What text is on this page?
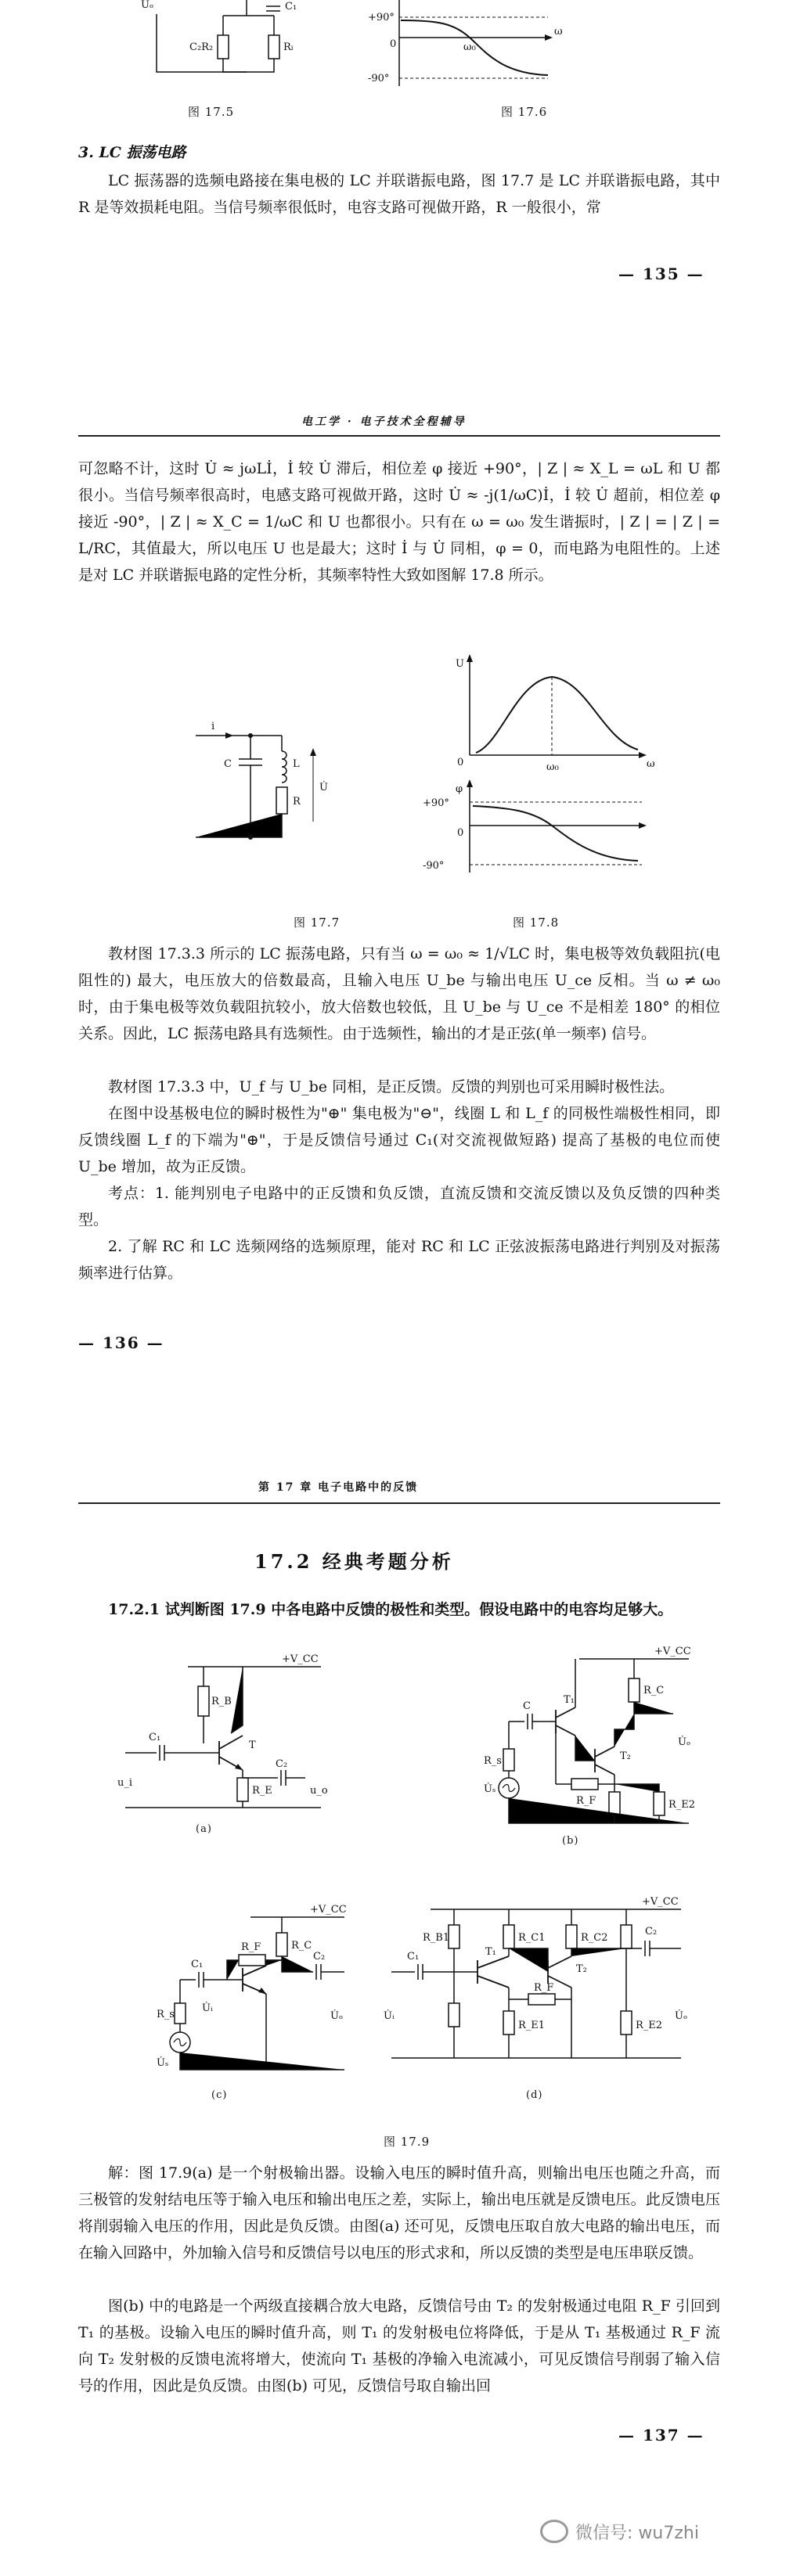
U̇ₒ	C₁
C₂R₂	Rₗ
+90°
ω₀
ω
-90°
0
图 17.5	图 17.6
3. LC 振荡电路
LC 振荡器的选频电路接在集电极的 LC 并联谐振电路，图 17.7 是 LC 并联谐振电路，其中 R 是等效损耗电阻。当信号频率很低时，电容支路可视做开路，R 一般很小，常
— 135 —
电工学 · 电子技术全程辅导
可忽略不计，这时 U̇ ≈ jωLİ，İ 较 U̇ 滞后，相位差 φ 接近 +90°，| Z | ≈ X_L = ωL 和 U 都很小。当信号频率很高时，电感支路可视做开路，这时 U̇ ≈ -j(1/ωC)İ，İ 较 U̇ 超前，相位差 φ 接近 -90°，| Z | ≈ X_C = 1/ωC 和 U 也都很小。只有在 ω = ω₀ 发生谐振时，| Z | = | Z | = L/RC，其值最大，所以电压 U 也是最大；这时 İ 与 U̇ 同相，φ = 0，而电路为电阻性的。上述是对 LC 并联谐振电路的定性分析，其频率特性大致如图解 17.8 所示。
i
C	L
R
U̇
U
0	ω₀	ω
φ
+90°
-90°
0
图 17.7	图 17.8
教材图 17.3.3 所示的 LC 振荡电路，只有当 ω = ω₀ ≈ 1/√LC 时，集电极等效负载阻抗(电阻性的) 最大，电压放大的倍数最高，且输入电压 U_be 与输出电压 U_ce 反相。当 ω ≠ ω₀ 时，由于集电极等效负载阻抗较小，放大倍数也较低，且 U_be 与 U_ce 不是相差 180° 的相位关系。因此，LC 振荡电路具有选频性。由于选频性，输出的才是正弦(单一频率) 信号。
教材图 17.3.3 中，U_f 与 U_be 同相，是正反馈。反馈的判别也可采用瞬时极性法。
在图中设基极电位的瞬时极性为"⊕" 集电极为"⊖"，线圈 L 和 L_f 的同极性端极性相同，即反馈线圈 L_f 的下端为"⊕"，于是反馈信号通过 C₁(对交流视做短路) 提高了基极的电位而使 U_be 增加，故为正反馈。
考点：1. 能判别电子电路中的正反馈和负反馈，直流反馈和交流反馈以及负反馈的四种类型。
2. 了解 RC 和 LC 选频网络的选频原理，能对 RC 和 LC 正弦波振荡电路进行判别及对振荡频率进行估算。
— 136 —
第 17 章 电子电路中的反馈
17.2 经典考题分析
17.2.1 试判断图 17.9 中各电路中反馈的极性和类型。假设电路中的电容均足够大。
+V_CC
R_B
C₁
T
C₂
u_i
R_E	u_o
(a)
+V_CC
R_C
C
T₁
T₂
R_s
U̇ₛ
R_F	R_E2
U̇ₒ
(b)
+V_CC
R_C
R_F
C₁
C₂
R_s
U̇ᵢ
U̇ₛ
U̇ₒ
(c)
+V_CC
R_B1	R_C1	R_C2
C₁
C₂
T₁
T₂
R_F
R_E1	R_E2
U̇ᵢ	U̇ₒ
(d)
图 17.9
解：图 17.9(a) 是一个射极输出器。设输入电压的瞬时值升高，则输出电压也随之升高，而三极管的发射结电压等于输入电压和输出电压之差，实际上，输出电压就是反馈电压。此反馈电压将削弱输入电压的作用，因此是负反馈。由图(a) 还可见，反馈电压取自放大电路的输出电压，而在输入回路中，外加输入信号和反馈信号以电压的形式求和，所以反馈的类型是电压串联反馈。
图(b) 中的电路是一个两级直接耦合放大电路，反馈信号由 T₂ 的发射极通过电阻 R_F 引回到 T₁ 的基极。设输入电压的瞬时值升高，则 T₁ 的发射极电位将降低，于是从 T₁ 基极通过 R_F 流向 T₂ 发射极的反馈电流将增大，使流向 T₁ 基极的净输入电流减小，可见反馈信号削弱了输入信号的作用，因此是负反馈。由图(b) 可见，反馈信号取自输出回
— 137 —
微信号: wu7zhi
